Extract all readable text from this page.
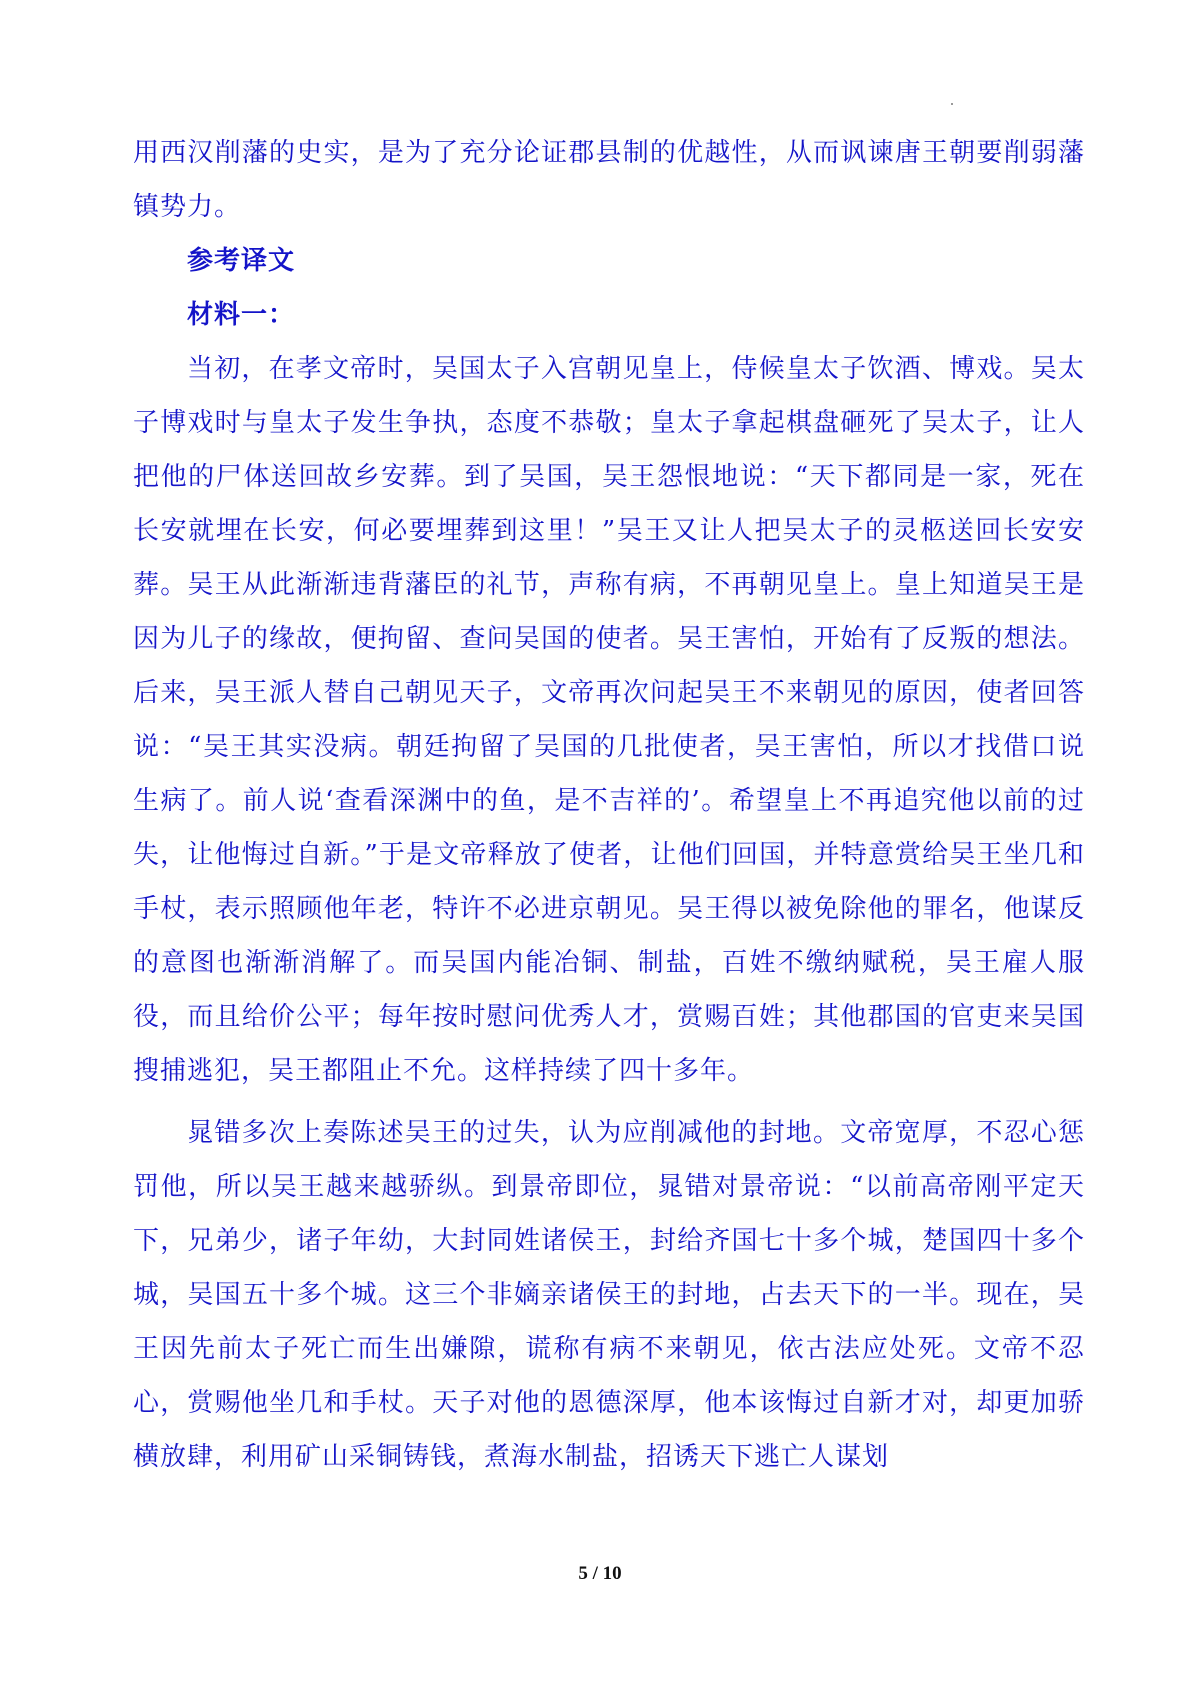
用西汉削藩的史实，是为了充分论证郡县制的优越性，从而讽谏唐王朝要削弱藩镇势力。

参考译文

材料一：

当初，在孝文帝时，吴国太子入宫朝见皇上，侍候皇太子饮酒、博戏。吴太子博戏时与皇太子发生争执，态度不恭敬；皇太子拿起棋盘砸死了吴太子，让人把他的尸体送回故乡安葬。到了吴国，吴王怨恨地说：“天下都同是一家，死在长安就埋在长安，何必要埋葬到这里！”吴王又让人把吴太子的灵柩送回长安安葬。吴王从此渐渐违背藩臣的礼节，声称有病，不再朝见皇上。皇上知道吴王是因为儿子的缘故，便拘留、查问吴国的使者。吴王害怕，开始有了反叛的想法。后来，吴王派人替自己朝见天子，文帝再次问起吴王不来朝见的原因，使者回答说：“吴王其实没病。朝廷拘留了吴国的几批使者，吴王害怕，所以才找借口说生病了。前人说‘查看深渊中的鱼，是不吉祥的’。希望皇上不再追究他以前的过失，让他悔过自新。”于是文帝释放了使者，让他们回国，并特意赏给吴王坐几和手杖，表示照顾他年老，特许不必进京朝见。吴王得以被免除他的罪名，他谋反的意图也渐渐消解了。而吴国内能冶铜、制盐，百姓不缴纳赋税，吴王雇人服役，而且给价公平；每年按时慰问优秀人才，赏赐百姓；其他郡国的官吏来吴国搜捕逃犯，吴王都阻止不允。这样持续了四十多年。

晁错多次上奏陈述吴王的过失，认为应削减他的封地。文帝宽厚，不忍心惩罚他，所以吴王越来越骄纵。到景帝即位，晁错对景帝说：“以前高帝刚平定天下，兄弟少，诸子年幼，大封同姓诸侯王，封给齐国七十多个城，楚国四十多个城，吴国五十多个城。这三个非嫡亲诸侯王的封地，占去天下的一半。现在，吴王因先前太子死亡而生出嫌隙，谎称有病不来朝见，依古法应处死。文帝不忍心，赏赐他坐几和手杖。天子对他的恩德深厚，他本该悔过自新才对，却更加骄横放肆，利用矿山采铜铸钱，煮海水制盐，招诱天下逃亡人谋划

5 / 10
